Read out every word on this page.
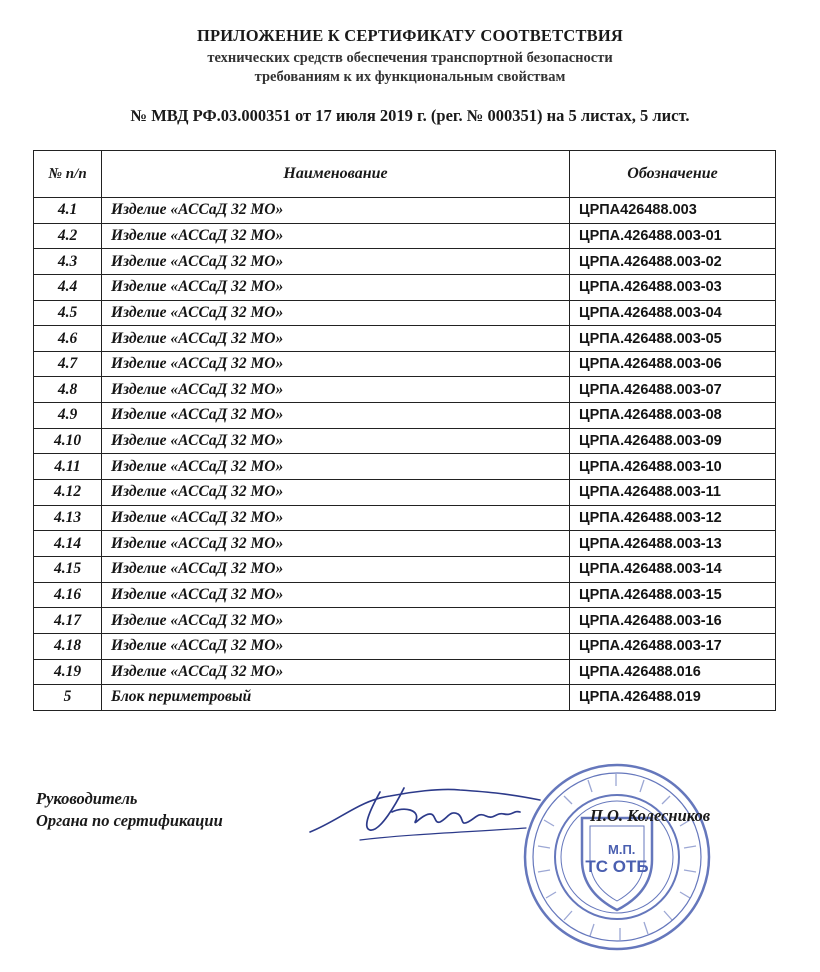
ПРИЛОЖЕНИЕ К СЕРТИФИКАТУ СООТВЕТСТВИЯ
технических средств обеспечения транспортной безопасности
требованиям к их функциональным свойствам
№ МВД РФ.03.000351 от 17 июля 2019 г. (рег. № 000351) на 5 листах, 5 лист.
№ п/п	Наименование	Обозначение
4.1	Изделие «АССаД 32 МО»	ЦРПА426488.003
4.2	Изделие «АССаД 32 МО»	ЦРПА.426488.003-01
4.3	Изделие «АССаД 32 МО»	ЦРПА.426488.003-02
4.4	Изделие «АССаД 32 МО»	ЦРПА.426488.003-03
4.5	Изделие «АССаД 32 МО»	ЦРПА.426488.003-04
4.6	Изделие «АССаД 32 МО»	ЦРПА.426488.003-05
4.7	Изделие «АССаД 32 МО»	ЦРПА.426488.003-06
4.8	Изделие «АССаД 32 МО»	ЦРПА.426488.003-07
4.9	Изделие «АССаД 32 МО»	ЦРПА.426488.003-08
4.10	Изделие «АССаД 32 МО»	ЦРПА.426488.003-09
4.11	Изделие «АССаД 32 МО»	ЦРПА.426488.003-10
4.12	Изделие «АССаД 32 МО»	ЦРПА.426488.003-11
4.13	Изделие «АССаД 32 МО»	ЦРПА.426488.003-12
4.14	Изделие «АССаД 32 МО»	ЦРПА.426488.003-13
4.15	Изделие «АССаД 32 МО»	ЦРПА.426488.003-14
4.16	Изделие «АССаД 32 МО»	ЦРПА.426488.003-15
4.17	Изделие «АССаД 32 МО»	ЦРПА.426488.003-16
4.18	Изделие «АССаД 32 МО»	ЦРПА.426488.003-17
4.19	Изделие «АССаД 32 МО»	ЦРПА.426488.016
5	Блок периметровый	ЦРПА.426488.019
Руководитель
Органа по сертификации
ТС ОТБ
П.О. Колесников
М.П.
